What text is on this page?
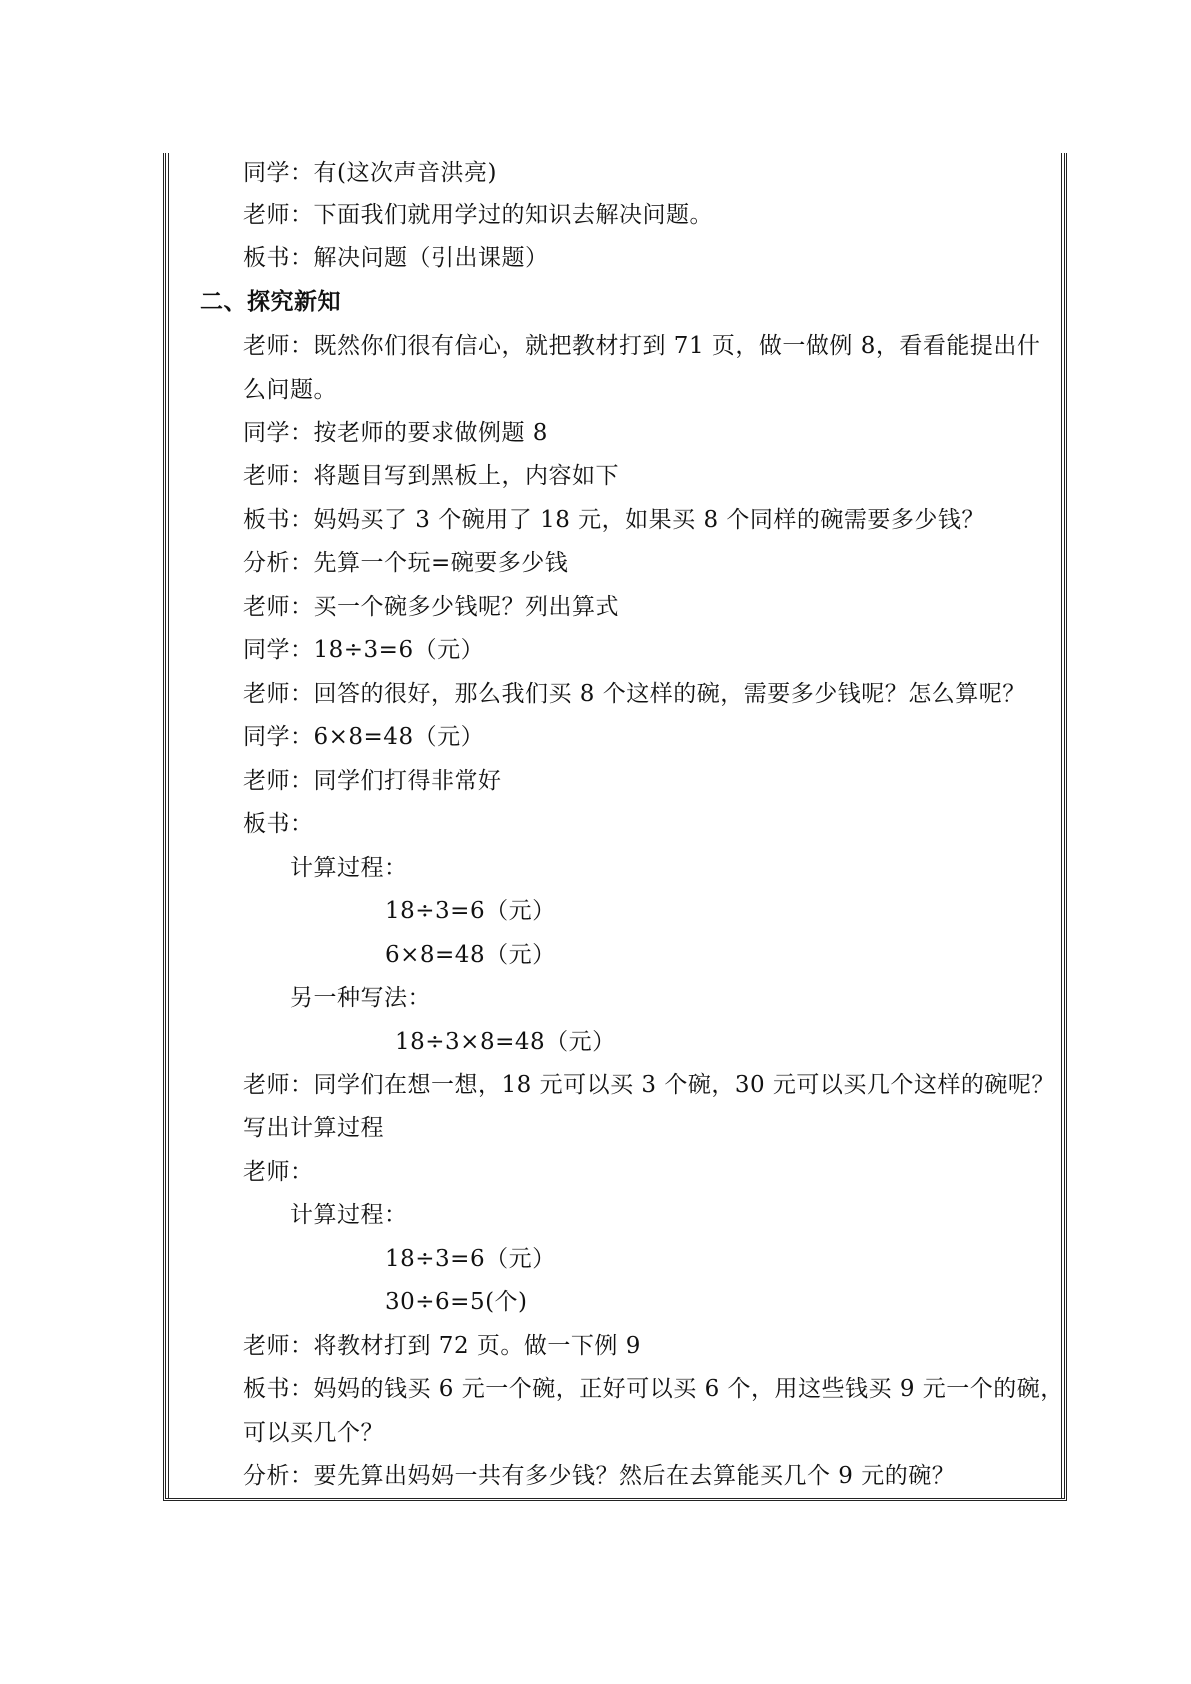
同学：有(这次声音洪亮)
老师：下面我们就用学过的知识去解决问题。
板书：解决问题（引出课题）
二、探究新知
老师：既然你们很有信心，就把教材打到 71 页，做一做例 8，看看能提出什
么问题。
同学：按老师的要求做例题 8
老师：将题目写到黑板上，内容如下
板书：妈妈买了 3 个碗用了 18 元，如果买 8 个同样的碗需要多少钱？
分析：先算一个玩=碗要多少钱
老师：买一个碗多少钱呢？列出算式
同学：18÷3=6（元）
老师：回答的很好，那么我们买 8 个这样的碗，需要多少钱呢？怎么算呢？
同学：6×8=48（元）
老师：同学们打得非常好
板书：
计算过程：
18÷3=6（元）
6×8=48（元）
另一种写法：
18÷3×8=48（元）
老师：同学们在想一想，18 元可以买 3 个碗，30 元可以买几个这样的碗呢？
写出计算过程
老师：
计算过程：
18÷3=6（元）
30÷6=5(个)
老师：将教材打到 72 页。做一下例 9
板书：妈妈的钱买 6 元一个碗，正好可以买 6 个，用这些钱买 9 元一个的碗，
可以买几个？
分析：要先算出妈妈一共有多少钱？然后在去算能买几个 9 元的碗？
